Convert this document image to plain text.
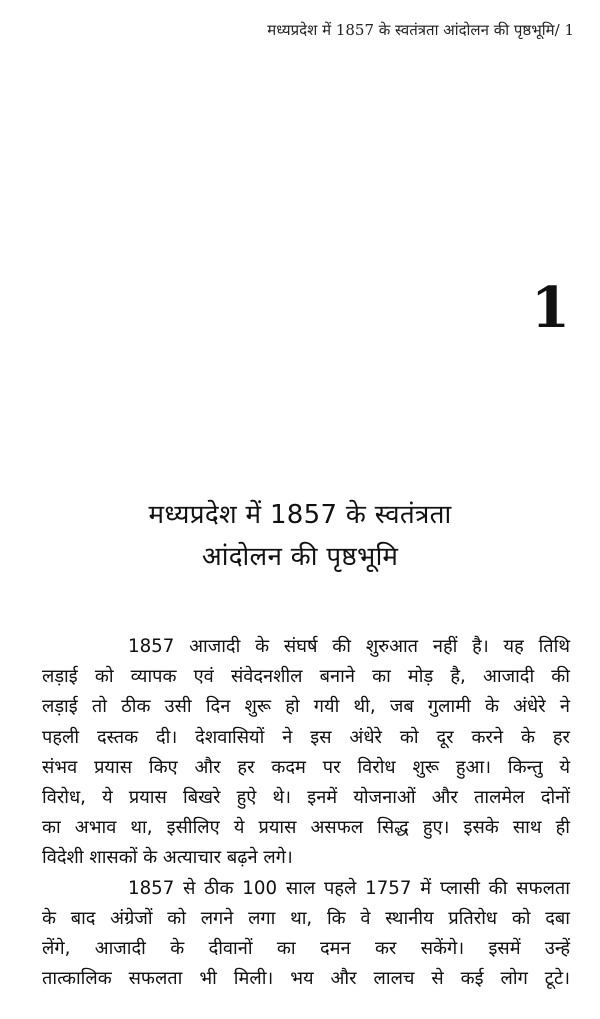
मध्यप्रदेश में 1857 के स्वतंत्रता आंदोलन की पृष्ठभूमि/ 1
1
मध्यप्रदेश में 1857 के स्वतंत्रता
आंदोलन की पृष्ठभूमि
1857 आजादी के संघर्ष की शुरुआत नहीं है। यह तिथि
लड़ाई को व्यापक एवं संवेदनशील बनाने का मोड़ है, आजादी की
लड़ाई तो ठीक उसी दिन शुरू हो गयी थी, जब गुलामी के अंधेरे ने
पहली दस्तक दी। देशवासियों ने इस अंधेरे को दूर करने के हर
संभव प्रयास किए और हर कदम पर विरोध शुरू हुआ। किन्तु ये
विरोध, ये प्रयास बिखरे हुऐ थे। इनमें योजनाओं और तालमेल दोनों
का अभाव था, इसीलिए ये प्रयास असफल सिद्ध हुए। इसके साथ ही
विदेशी शासकों के अत्याचार बढ़ने लगे।
1857 से ठीक 100 साल पहले 1757 में प्लासी की सफलता
के बाद अंग्रेजों को लगने लगा था, कि वे स्थानीय प्रतिरोध को दबा
लेंगे, आजादी के दीवानों का दमन कर सकेंगे। इसमें उन्हें
तात्कालिक सफलता भी मिली। भय और लालच से कई लोग टूटे।
